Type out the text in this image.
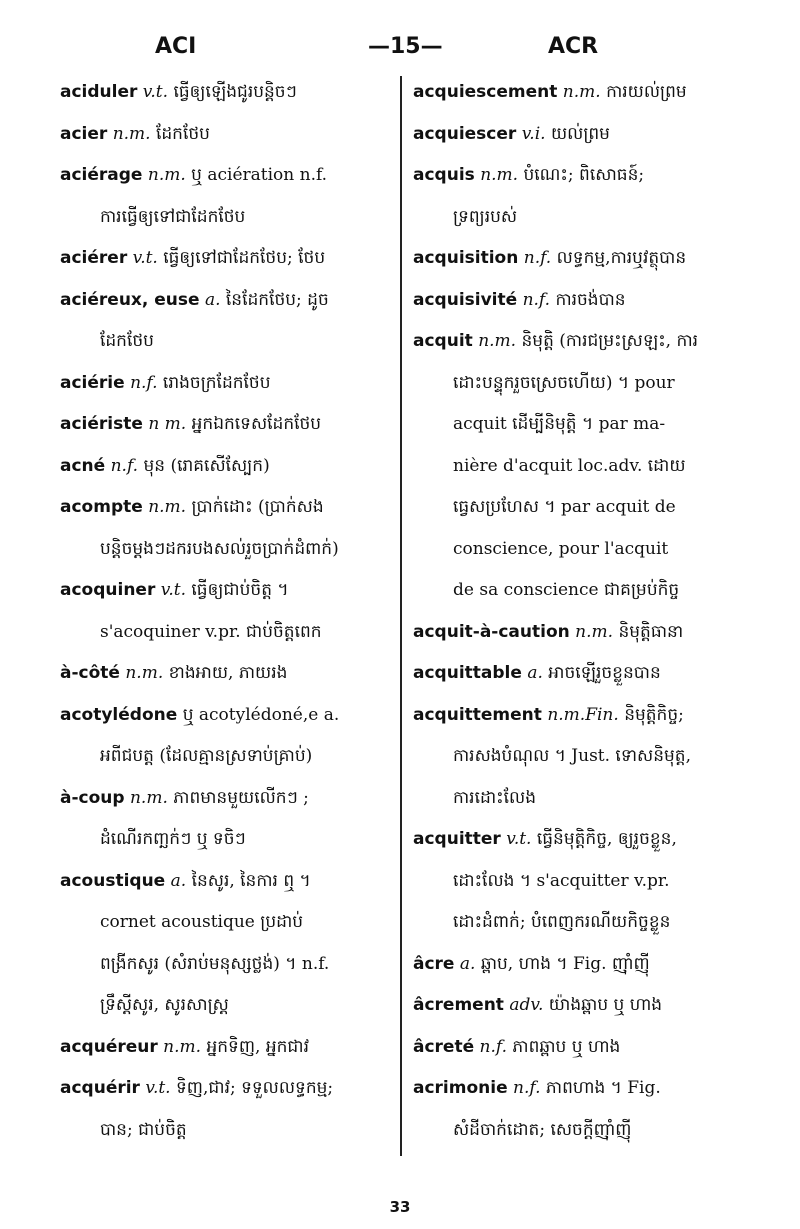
ACI	—15—	ACR
aciduler v.t. ធ្វើឲ្យឡើងជូរបន្តិចៗ
acier n.m. ដែកថែប
aciérage n.m. ឬ aciération n.f.
ការធ្វើឲ្យទៅជាដែកថែប
aciérer v.t. ធ្វើឲ្យទៅជាដែកថែប; ថែប
aciéreux, euse a. នៃដែកថែប; ដូច
ដែកថែប
aciérie n.f. រោងចក្រដែកថែប
aciériste n m. អ្នកឯកទេសដែកថែប
acné n.f. មុន (រោគសើស្បែក)
acompte n.m. ប្រាក់ដោះ (ប្រាក់សង
បន្តិចម្ដងៗដករបងសល់រួចប្រាក់ដំពាក់)
acoquiner v.t. ធ្វើឲ្យជាប់ចិត្ត ។
s'acoquiner v.pr. ជាប់ចិត្តពេក
à-côté n.m. ខាងអាយ, ភាយរង
acotylédone ឬ acotylédoné,e a.
អពីជបត្ត (ដែលគ្មានស្រទាប់គ្រាប់)
à-coup n.m. ភាពមានមួយលើកៗ ;
ដំណើរកញ្ឆក់ៗ ឬ ទចិៗ
acoustique a. នៃសូរ, នៃការ ឮ ។
cornet acoustique ប្រដាប់
ពង្រីកសូរ (សំរាប់មនុស្សថ្លង់) ។ n.f.
ទ្រឹស្ដីសូរ, សូរសាស្ត្រ
acquéreur n.m. អ្នកទិញ, អ្នកជាវ
acquérir v.t. ទិញ,ជាវ; ទទួលលទ្ធកម្ម;
បាន; ជាប់ចិត្ត
acquiescement n.m. ការយល់ព្រម
acquiescer v.i. យល់ព្រម
acquis n.m. បំណេះ; ពិសោធន៍;
ទ្រព្យរបស់
acquisition n.f. លទ្ធកម្ម,ការឬវត្ថុបាន
acquisivité n.f. ការចង់បាន
acquit n.m. និមុត្តិ (ការជម្រះស្រឡះ, ការ
ដោះបន្ទុករួចស្រេចហើយ) ។ pour
acquit ដើម្បីនិមុត្តិ ។ par ma-
nière d'acquit loc.adv. ដោយ
ធ្វេសប្រហែស ។ par acquit de
conscience, pour l'acquit
de sa conscience ជាគម្រប់កិច្ច
acquit-à-caution n.m. និមុត្តិធានា
acquittable a. អាចឡើរួចខ្លួនបាន
acquittement n.m.Fin. និមុត្តិកិច្ច;
ការសងបំណុល ។ Just. ទោសនិមុត្ត,
ការដោះលែង
acquitter v.t. ធ្វើនិមុត្តិកិច្ច, ឲ្យរួចខ្លួន,
ដោះលែង ។ s'acquitter v.pr.
ដោះដំពាក់; បំពេញករណីយកិច្ចខ្លួន
âcre a. ឆ្ពាប, ហាង ។ Fig. ញ៉ាំញ៉ី
âcrement adv. យ៉ាងឆ្ពាប ឬ ហាង
âcreté n.f. ភាពឆ្ពាប ឬ ហាង
acrimonie n.f. ភាពហាង ។ Fig.
សំដីចាក់ដោត; សេចក្ដីញ៉ាំញ៉ី
33
